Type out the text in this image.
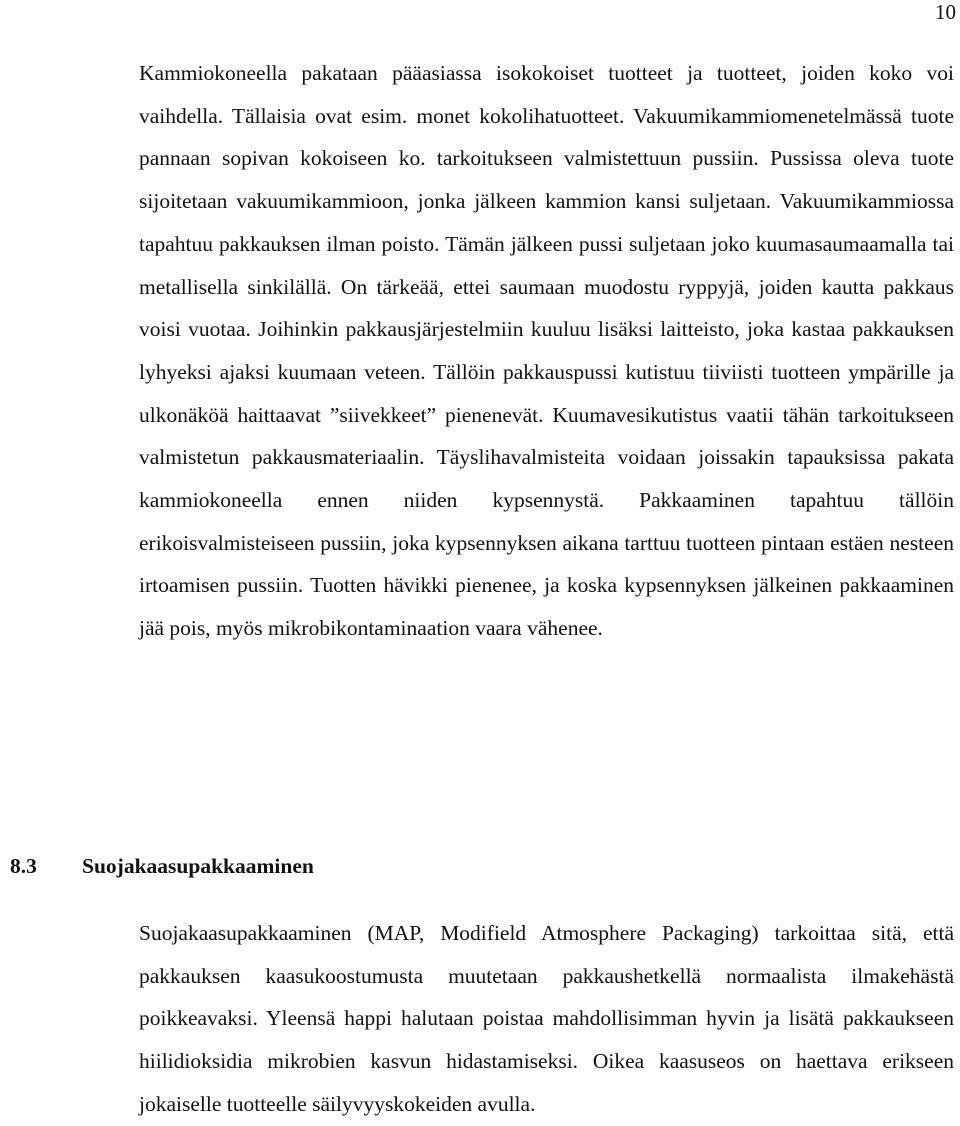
10

Kammiokoneella pakataan pääasiassa isokokoiset tuotteet ja tuotteet, joiden koko voi vaihdella. Tällaisia ovat esim. monet kokolihatuotteet. Vakuumikammiomenetelmässä tuote pannaan sopivan kokoiseen ko. tarkoitukseen valmistettuun pussiin. Pussissa oleva tuote sijoitetaan vakuumikammioon, jonka jälkeen kammion kansi suljetaan. Vakuumikammiossa tapahtuu pakkauksen ilman poisto. Tämän jälkeen pussi suljetaan joko kuumasaumaamalla tai metallisella sinkilällä. On tärkeää, ettei saumaan muodostu ryppyjä, joiden kautta pakkaus voisi vuotaa. Joihinkin pakkausjärjestelmiin kuuluu lisäksi laitteisto, joka kastaa pakkauksen lyhyeksi ajaksi kuumaan veteen. Tällöin pakkauspussi kutistuu tiiviisti tuotteen ympärille ja ulkonäköä haittaavat ”siivekkeet” pienenevät. Kuumavesikutistus vaatii tähän tarkoitukseen valmistetun pakkausmateriaalin. Täyslihavalmisteita voidaan joissakin tapauksissa pakata kammiokoneella ennen niiden kypsennystä. Pakkaaminen tapahtuu tällöin erikoisvalmisteiseen pussiin, joka kypsennyksen aikana tarttuu tuotteen pintaan estäen nesteen irtoamisen pussiin. Tuotten hävikki pienenee, ja koska kypsennyksen jälkeinen pakkaaminen jää pois, myös mikrobikontaminaation vaara vähenee.

8.3 Suojakaasupakkaaminen

Suojakaasupakkaaminen (MAP, Modifield Atmosphere Packaging) tarkoittaa sitä, että pakkauksen kaasukoostumusta muutetaan pakkaushetkellä normaalista ilmakehästä poikkeavaksi. Yleensä happi halutaan poistaa mahdollisimman hyvin ja lisätä pakkaukseen hiilidioksidia mikrobien kasvun hidastamiseksi. Oikea kaasuseos on haettava erikseen jokaiselle tuotteelle säilyvyyskokeiden avulla.
